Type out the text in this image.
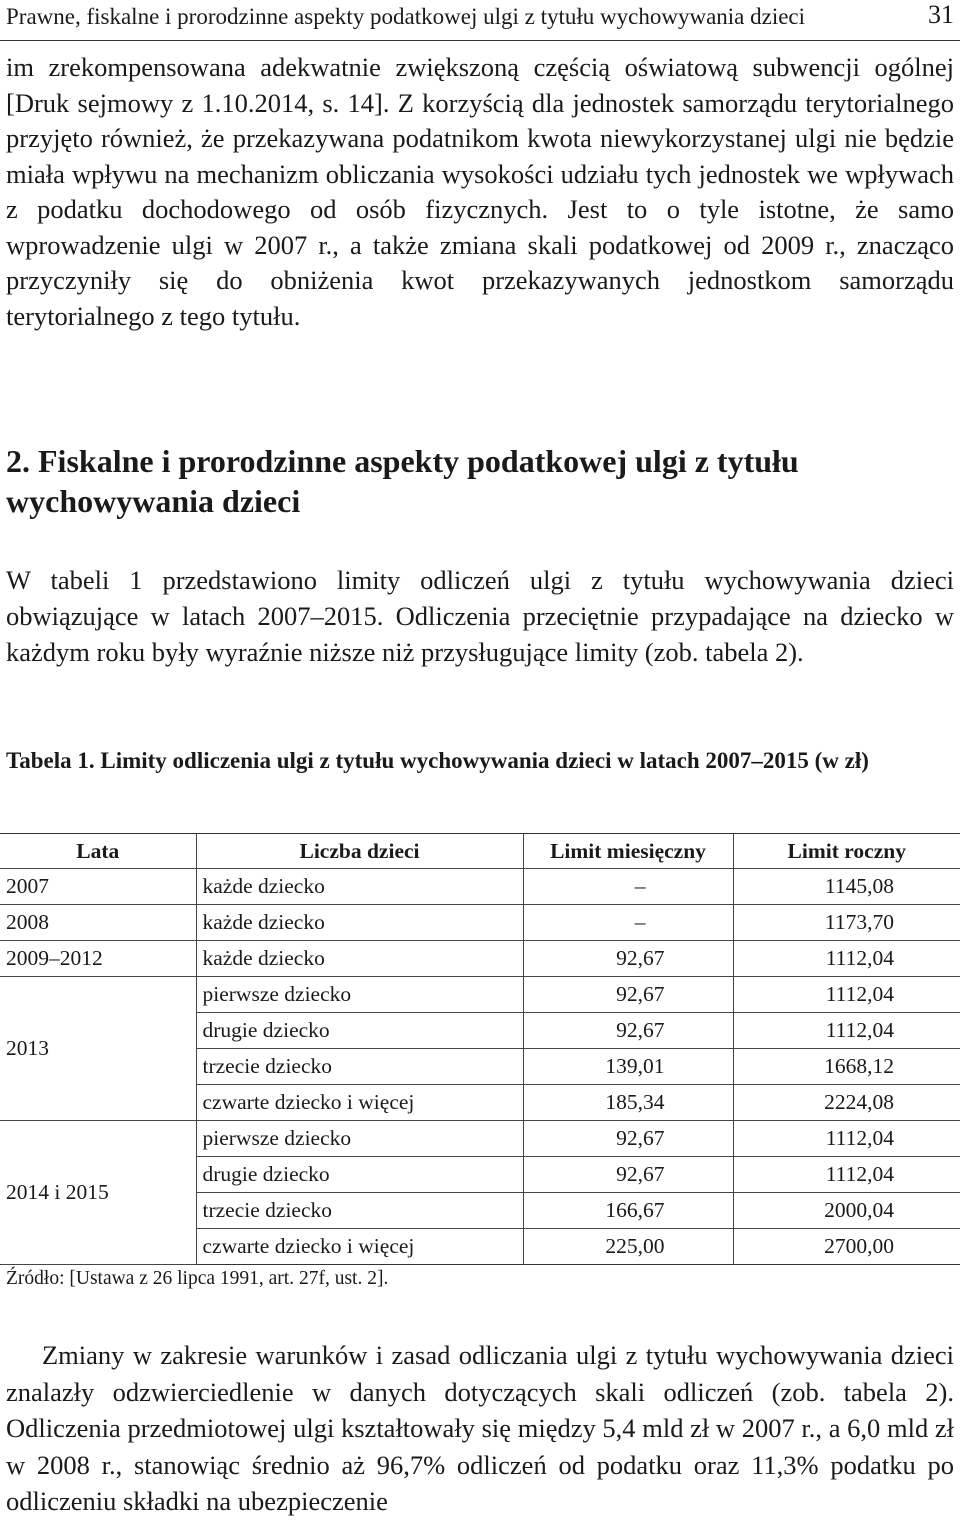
Prawne, fiskalne i prorodzinne aspekty podatkowej ulgi z tytułu wychowywania dzieci	31

im zrekompensowana adekwatnie zwiększoną częścią oświatową subwencji ogólnej [Druk sejmowy z 1.10.2014, s. 14]. Z korzyścią dla jednostek samorządu terytorialnego przyjęto również, że przekazywana podatnikom kwota niewykorzystanej ulgi nie będzie miała wpływu na mechanizm obliczania wysokości udziału tych jednostek we wpływach z podatku dochodowego od osób fizycznych. Jest to o tyle istotne, że samo wprowadzenie ulgi w 2007 r., a także zmiana skali podatkowej od 2009 r., znacząco przyczyniły się do obniżenia kwot przekazywanych jednostkom samorządu terytorialnego z tego tytułu.

2. Fiskalne i prorodzinne aspekty podatkowej ulgi z tytułu wychowywania dzieci

W tabeli 1 przedstawiono limity odliczeń ulgi z tytułu wychowywania dzieci obwiązujące w latach 2007–2015. Odliczenia przeciętnie przypadające na dziecko w każdym roku były wyraźnie niższe niż przysługujące limity (zob. tabela 2).

Tabela 1. Limity odliczenia ulgi z tytułu wychowywania dzieci w latach 2007–2015 (w zł)

Lata	Liczba dzieci	Limit miesięczny	Limit roczny
2007	każde dziecko	–	1145,08
2008	każde dziecko	–	1173,70
2009–2012	każde dziecko	92,67	1112,04
2013	pierwsze dziecko	92,67	1112,04
	drugie dziecko	92,67	1112,04
	trzecie dziecko	139,01	1668,12
	czwarte dziecko i więcej	185,34	2224,08
2014 i 2015	pierwsze dziecko	92,67	1112,04
	drugie dziecko	92,67	1112,04
	trzecie dziecko	166,67	2000,04
	czwarte dziecko i więcej	225,00	2700,00

Źródło: [Ustawa z 26 lipca 1991, art. 27f, ust. 2].

Zmiany w zakresie warunków i zasad odliczania ulgi z tytułu wychowywania dzieci znalazły odzwierciedlenie w danych dotyczących skali odliczeń (zob. tabela 2). Odliczenia przedmiotowej ulgi kształtowały się między 5,4 mld zł w 2007 r., a 6,0 mld zł w 2008 r., stanowiąc średnio aż 96,7% odliczeń od podatku oraz 11,3% podatku po odliczeniu składki na ubezpieczenie
